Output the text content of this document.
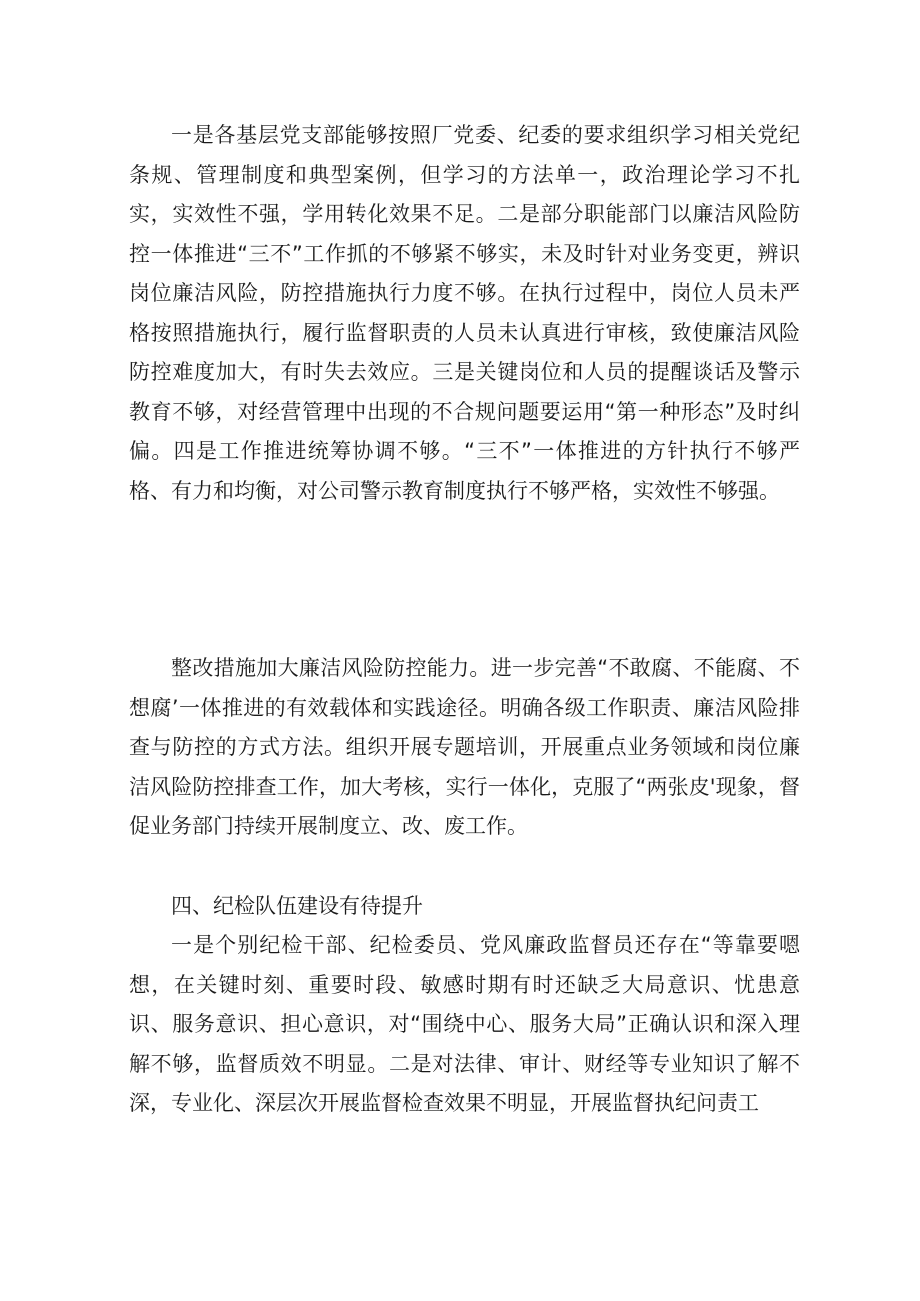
一是各基层党支部能够按照厂党委、纪委的要求组织学习相关党纪条规、管理制度和典型案例，但学习的方法单一，政治理论学习不扎实，实效性不强，学用转化效果不足。二是部分职能部门以廉洁风险防控一体推进“三不”工作抓的不够紧不够实，未及时针对业务变更，辨识岗位廉洁风险，防控措施执行力度不够。在执行过程中，岗位人员未严格按照措施执行，履行监督职责的人员未认真进行审核，致使廉洁风险防控难度加大，有时失去效应。三是关键岗位和人员的提醒谈话及警示教育不够，对经营管理中出现的不合规问题要运用“第一种形态”及时纠偏。四是工作推进统筹协调不够。“三不”一体推进的方针执行不够严格、有力和均衡，对公司警示教育制度执行不够严格，实效性不够强。

整改措施加大廉洁风险防控能力。进一步完善“不敢腐、不能腐、不想腐’一体推进的有效载体和实践途径。明确各级工作职责、廉洁风险排查与防控的方式方法。组织开展专题培训，开展重点业务领域和岗位廉洁风险防控排查工作，加大考核，实行一体化，克服了“两张皮'现象，督促业务部门持续开展制度立、改、废工作。

四、纪检队伍建设有待提升

一是个别纪检干部、纪检委员、党风廉政监督员还存在“等靠要嗯想，在关键时刻、重要时段、敏感时期有时还缺乏大局意识、忧患意识、服务意识、担心意识，对“围绕中心、服务大局”正确认识和深入理解不够，监督质效不明显。二是对法律、审计、财经等专业知识了解不深，专业化、深层次开展监督检查效果不明显，开展监督执纪问责工
